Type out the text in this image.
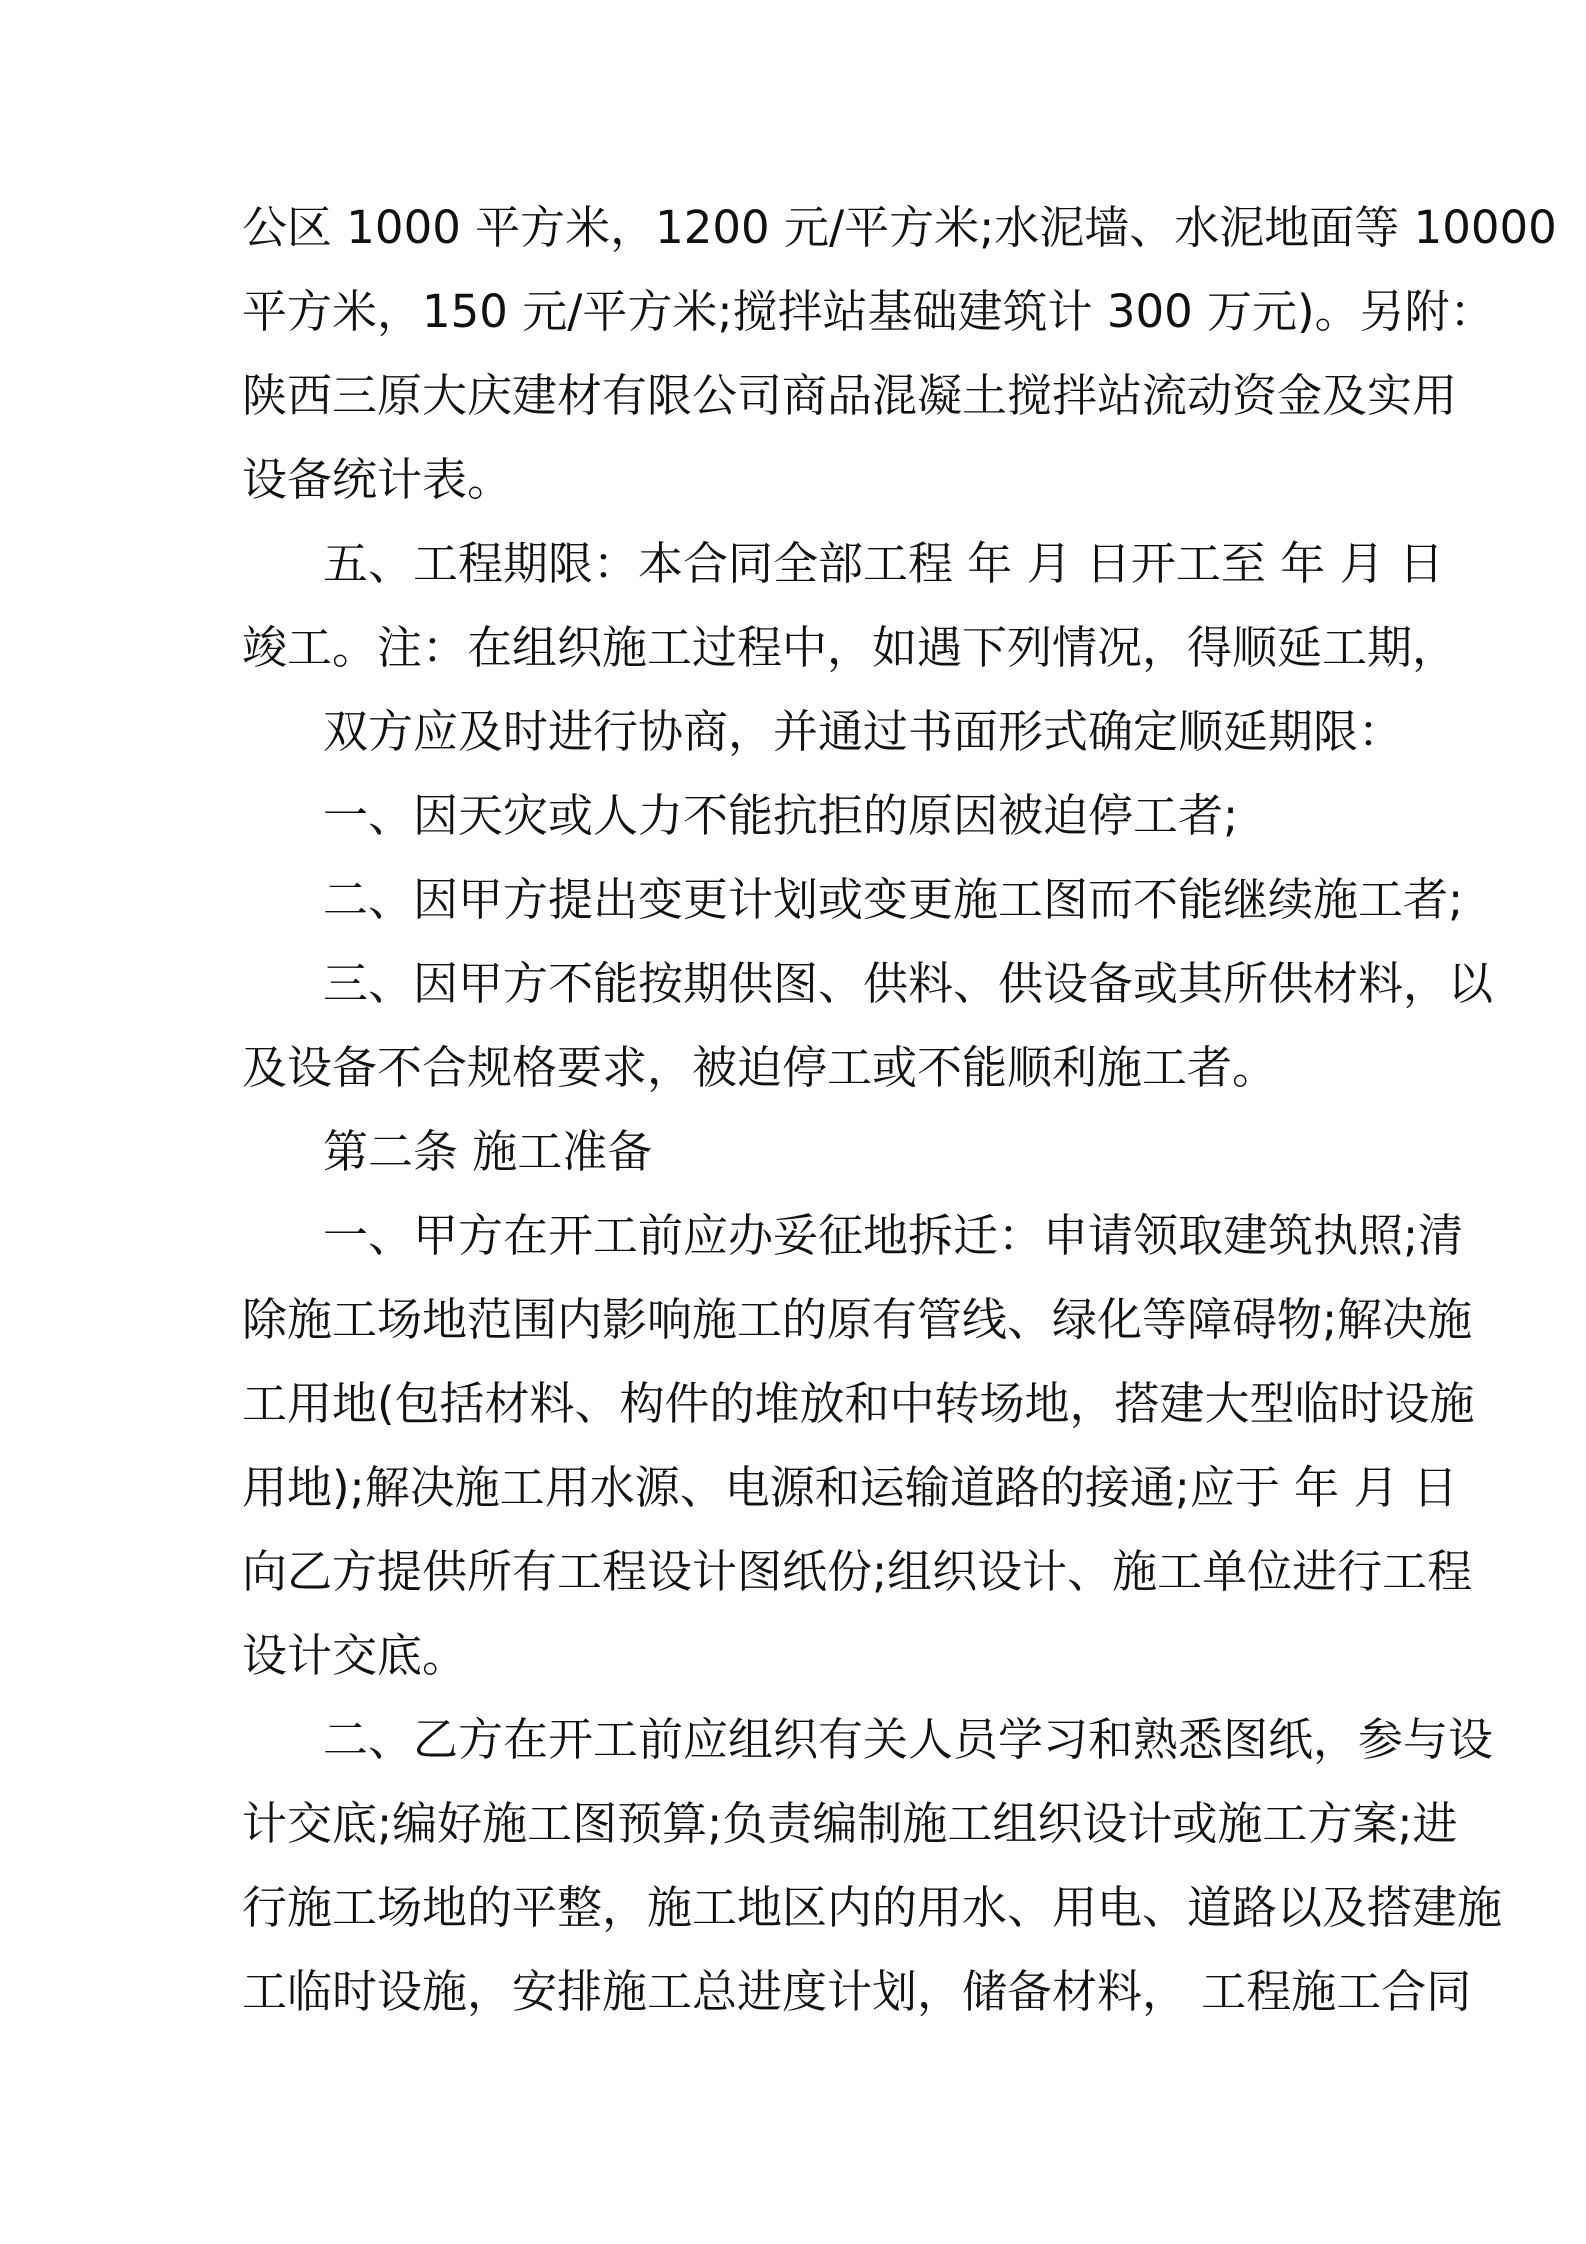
公区 1000 平方米，1200 元/平方米;水泥墙、水泥地面等 10000
平方米，150 元/平方米;搅拌站基础建筑计 300 万元)。另附：
陕西三原大庆建材有限公司商品混凝土搅拌站流动资金及实用
设备统计表。
五、工程期限：本合同全部工程 年 月 日开工至 年 月 日
竣工。注：在组织施工过程中，如遇下列情况，得顺延工期，
双方应及时进行协商，并通过书面形式确定顺延期限：
一、因天灾或人力不能抗拒的原因被迫停工者;
二、因甲方提出变更计划或变更施工图而不能继续施工者;
三、因甲方不能按期供图、供料、供设备或其所供材料，以
及设备不合规格要求，被迫停工或不能顺利施工者。
第二条 施工准备
一、甲方在开工前应办妥征地拆迁：申请领取建筑执照;清
除施工场地范围内影响施工的原有管线、绿化等障碍物;解决施
工用地(包括材料、构件的堆放和中转场地，搭建大型临时设施
用地);解决施工用水源、电源和运输道路的接通;应于 年 月 日
向乙方提供所有工程设计图纸份;组织设计、施工单位进行工程
设计交底。
二、乙方在开工前应组织有关人员学习和熟悉图纸，参与设
计交底;编好施工图预算;负责编制施工组织设计或施工方案;进
行施工场地的平整，施工地区内的用水、用电、道路以及搭建施
工临时设施，安排施工总进度计划，储备材料， 工程施工合同
